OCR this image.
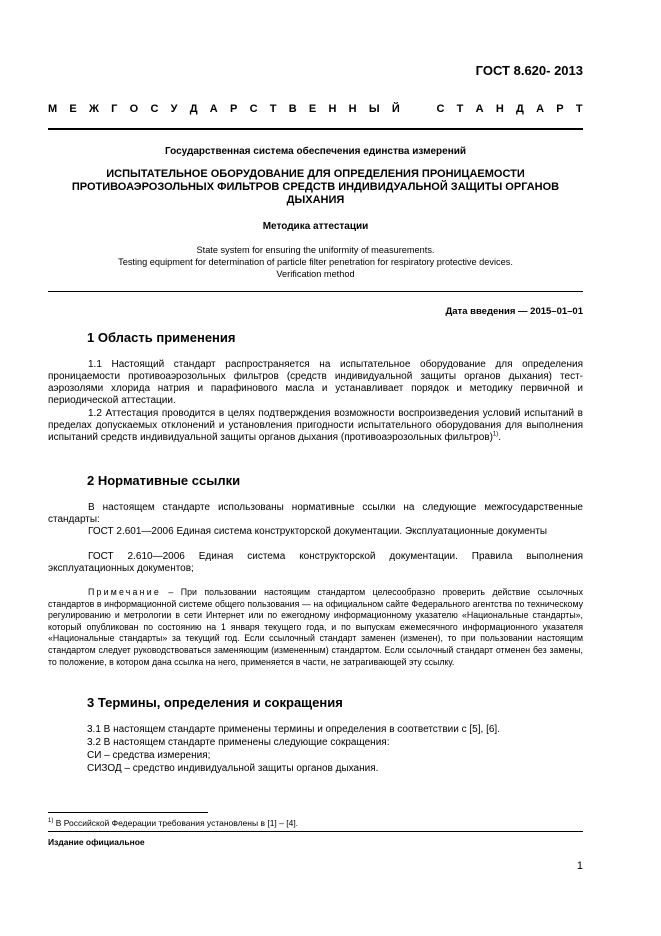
ГОСТ 8.620- 2013
М Е Ж Г О С У Д А Р С Т В Е Н Н Ы Й	С Т А Н Д А Р Т
Государственная система обеспечения единства измерений
ИСПЫТАТЕЛЬНОЕ ОБОРУДОВАНИЕ ДЛЯ ОПРЕДЕЛЕНИЯ ПРОНИЦАЕМОСТИ
ПРОТИВОАЭРОЗОЛЬНЫХ ФИЛЬТРОВ СРЕДСТВ ИНДИВИДУАЛЬНОЙ ЗАЩИТЫ ОРГАНОВ
ДЫХАНИЯ
Методика аттестации
State system for ensuring the uniformity of measurements.
Testing equipment for determination of particle filter penetration for respiratory protective devices.
Verification method
Дата введения — 2015–01–01
1 Область применения
1.1 Настоящий стандарт распространяется на испытательное оборудование для определения проницаемости противоаэрозольных фильтров (средств индивидуальной защиты органов дыхания) тест-аэрозолями хлорида натрия и парафинового масла и устанавливает порядок и методику первичной и периодической аттестации.
1.2 Аттестация проводится в целях подтверждения возможности воспроизведения условий испытаний в пределах допускаемых отклонений и установления пригодности испытательного оборудования для выполнения испытаний средств индивидуальной защиты органов дыхания (противоаэрозольных фильтров)$^{1)}$.
2 Нормативные ссылки
В настоящем стандарте использованы нормативные ссылки на следующие межгосударственные стандарты:
ГОСТ 2.601—2006 Единая система конструкторской документации. Эксплуатационные документы
ГОСТ 2.610—2006 Единая система конструкторской документации. Правила выполнения эксплуатационных документов;
Примечание – При пользовании настоящим стандартом целесообразно проверить действие ссылочных стандартов в информационной системе общего пользования — на официальном сайте Федерального агентства по техническому регулированию и метрологии в сети Интернет или по ежегодному информационному указателю «Национальные стандарты», который опубликован по состоянию на 1 января текущего года, и по выпускам ежемесячного информационного указателя «Национальные стандарты» за текущий год. Если ссылочный стандарт заменен (изменен), то при пользовании настоящим стандартом следует руководствоваться заменяющим (измененным) стандартом. Если ссылочный стандарт отменен без замены, то положение, в котором дана ссылка на него, применяется в части, не затрагивающей эту ссылку.
3 Термины, определения и сокращения
3.1 В настоящем стандарте применены термины и определения в соответствии с [5], [6].
3.2 В настоящем стандарте применены следующие сокращения:
СИ – средства измерения;
СИЗОД – средство индивидуальной защиты органов дыхания.
$^{1)}$ В Российской Федерации требования установлены в [1] – [4].
Издание официальное
1
